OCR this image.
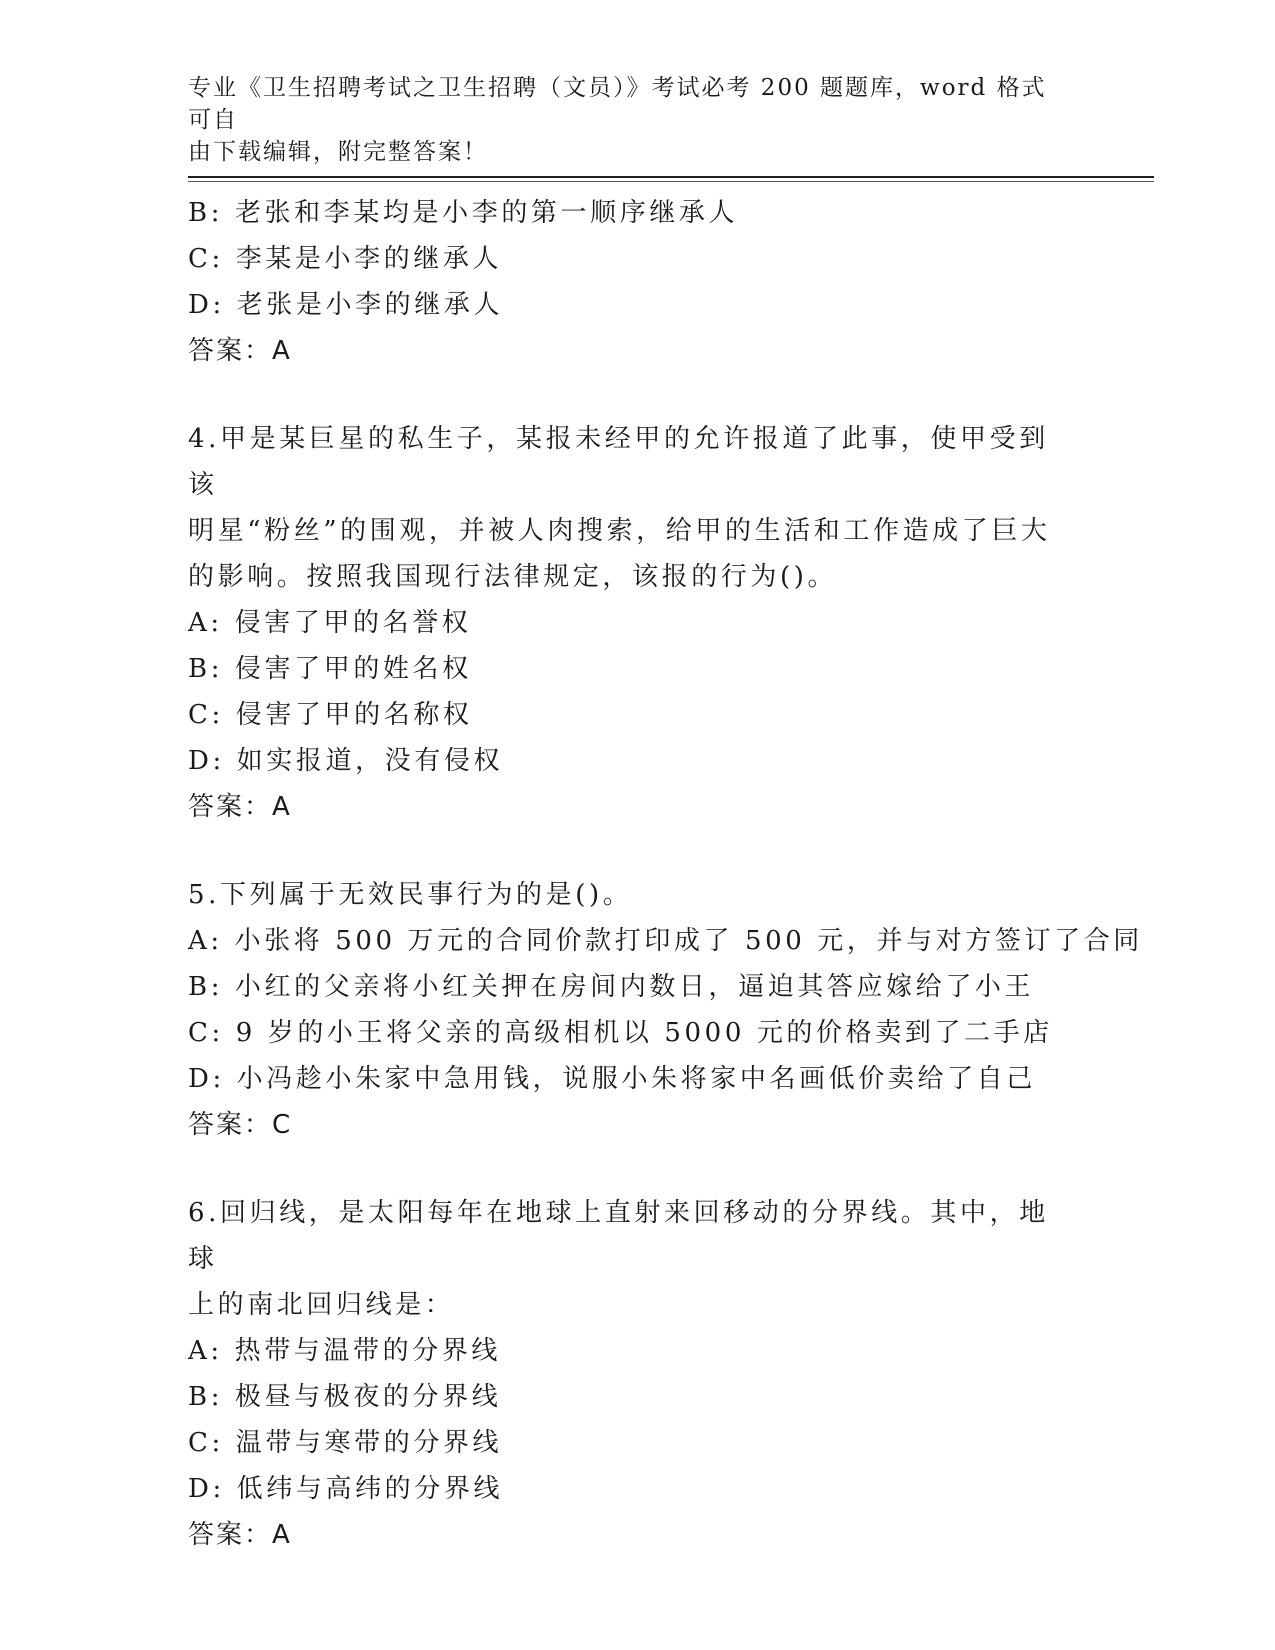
专业《卫生招聘考试之卫生招聘（文员）》考试必考 200 题题库，word 格式可自
由下载编辑，附完整答案！
B: 老张和李某均是小李的第一顺序继承人
C: 李某是小李的继承人
D: 老张是小李的继承人
答案：A
4.甲是某巨星的私生子，某报未经甲的允许报道了此事，使甲受到该
明星“粉丝”的围观，并被人肉搜索，给甲的生活和工作造成了巨大
的影响。按照我国现行法律规定，该报的行为()。
A: 侵害了甲的名誉权
B: 侵害了甲的姓名权
C: 侵害了甲的名称权
D: 如实报道，没有侵权
答案：A
5.下列属于无效民事行为的是()。
A: 小张将 500 万元的合同价款打印成了 500 元，并与对方签订了合同
B: 小红的父亲将小红关押在房间内数日，逼迫其答应嫁给了小王
C: 9 岁的小王将父亲的高级相机以 5000 元的价格卖到了二手店
D: 小冯趁小朱家中急用钱，说服小朱将家中名画低价卖给了自己
答案：C
6.回归线，是太阳每年在地球上直射来回移动的分界线。其中，地球
上的南北回归线是：
A: 热带与温带的分界线
B: 极昼与极夜的分界线
C: 温带与寒带的分界线
D: 低纬与高纬的分界线
答案：A
